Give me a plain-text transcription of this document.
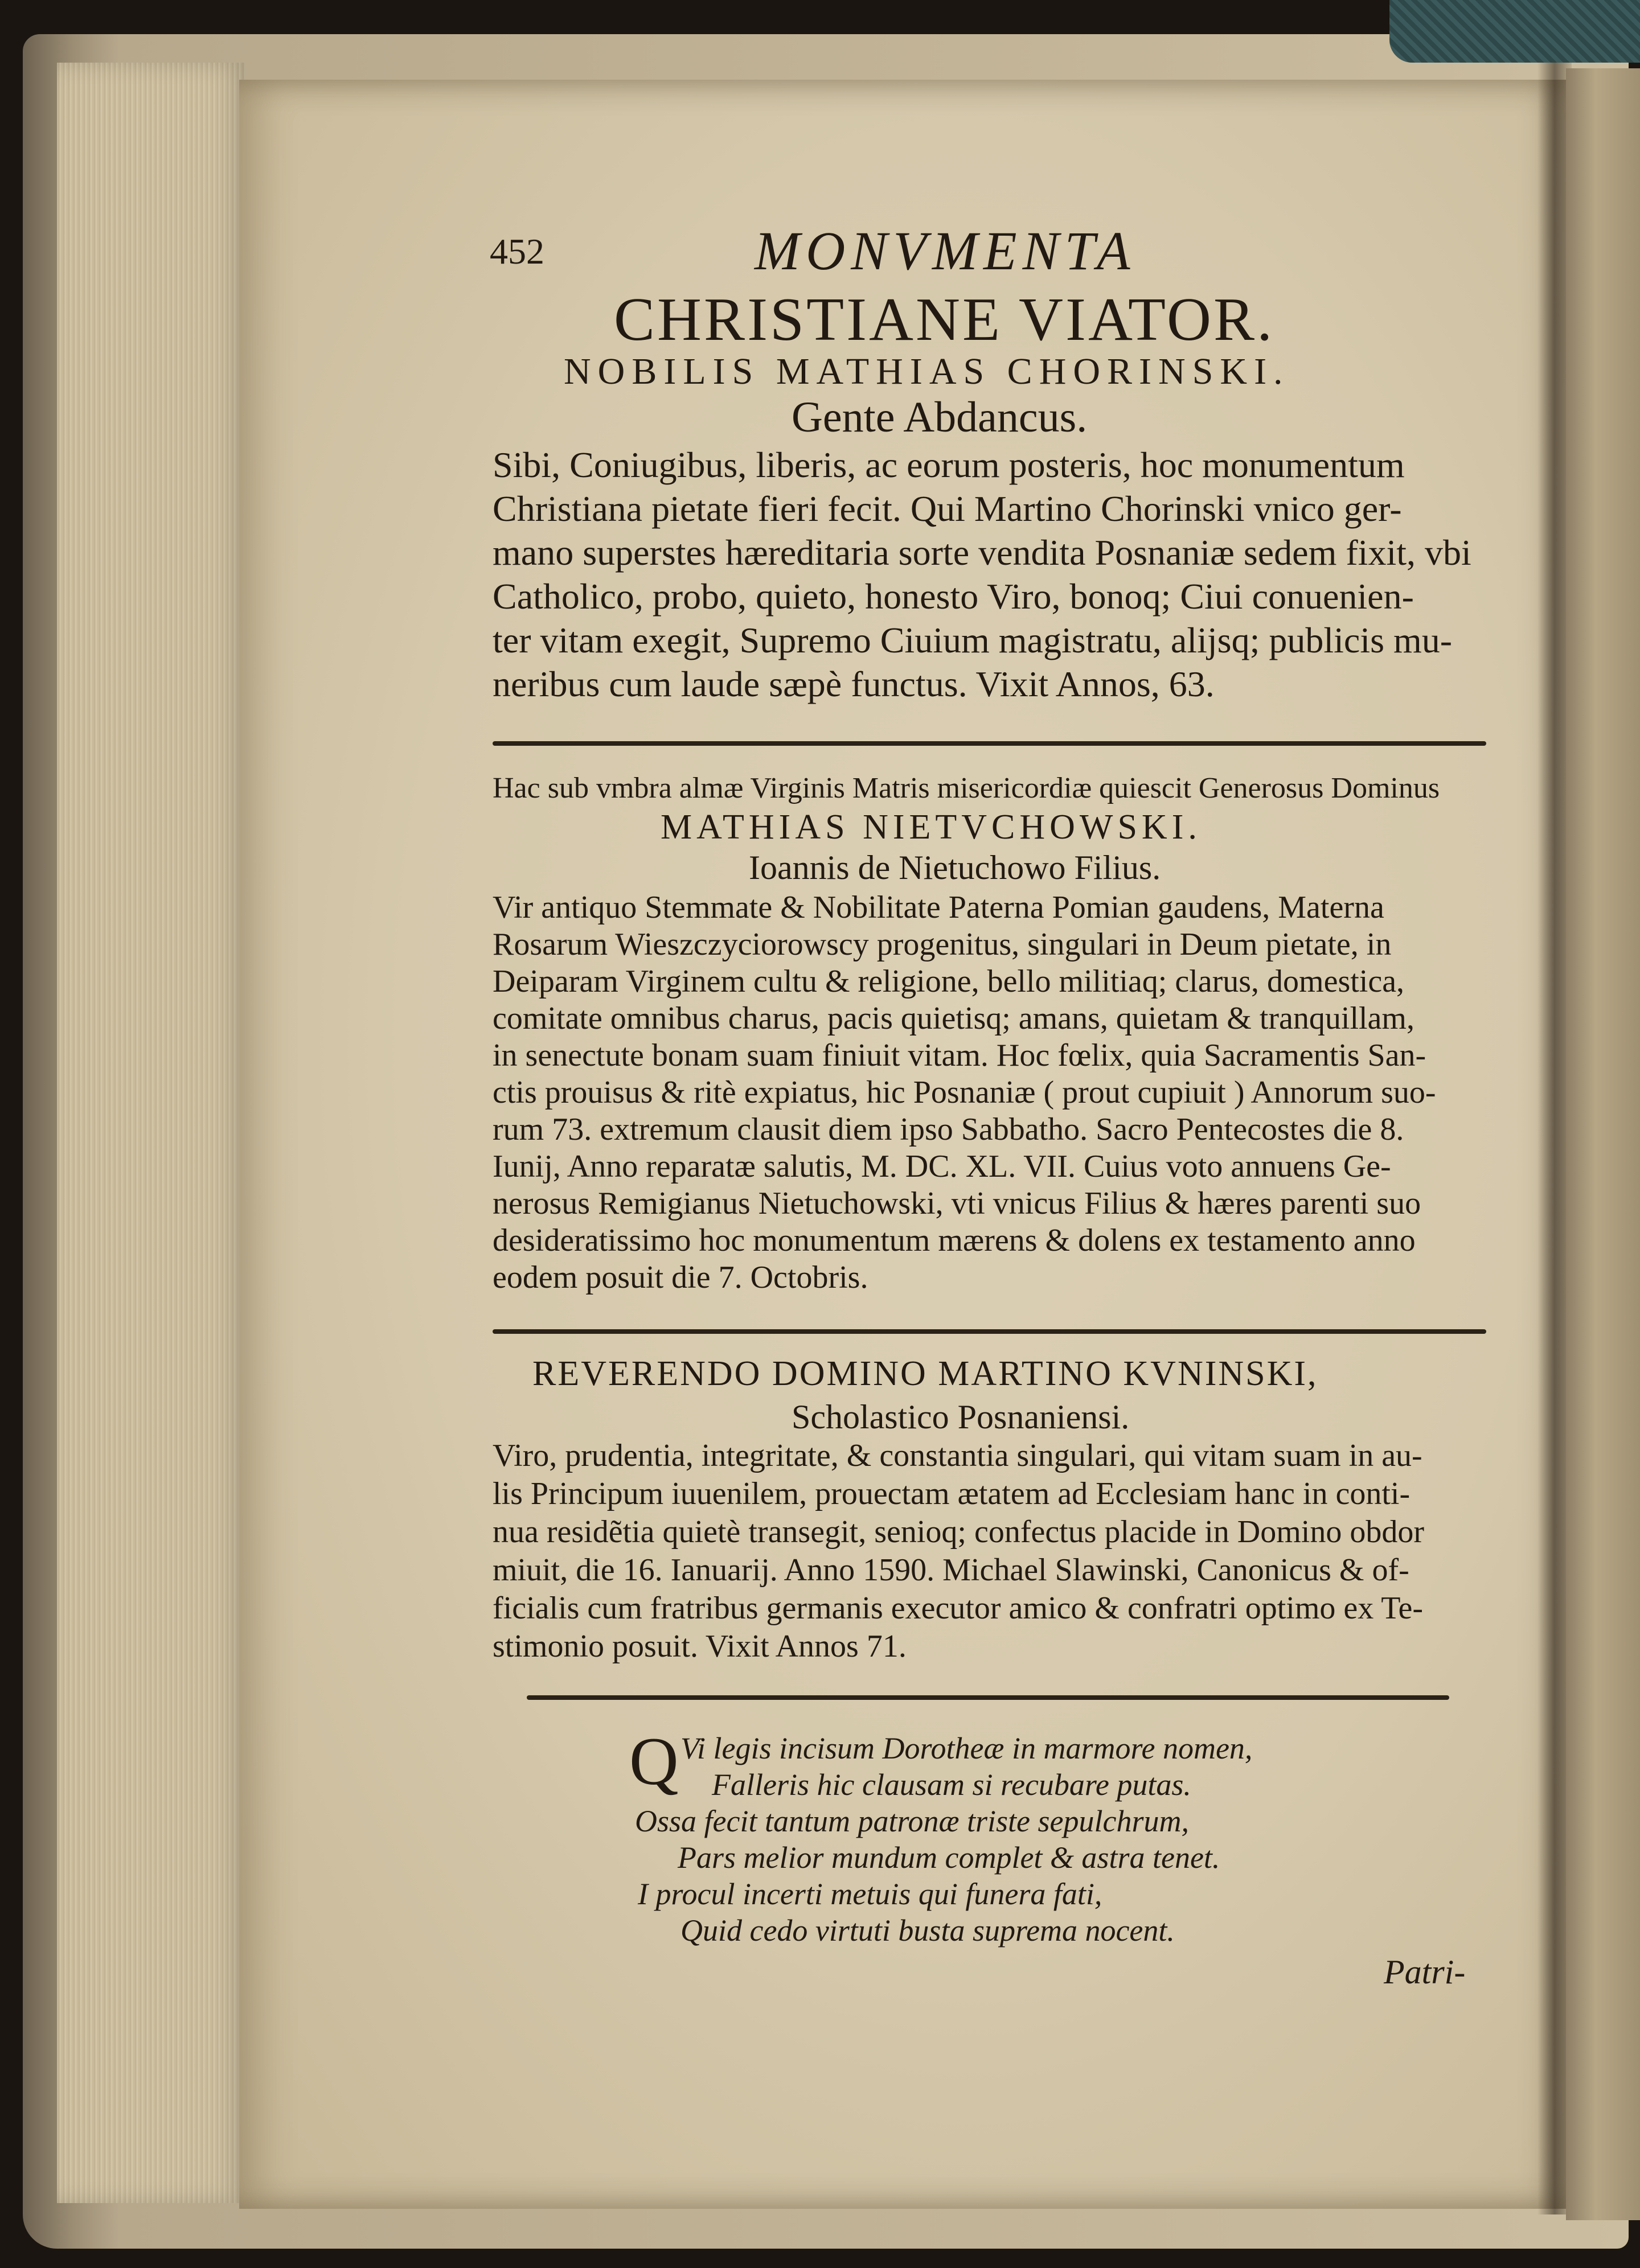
452	MONVMENTA
CHRISTIANE VIATOR.
NOBILIS MATHIAS CHORINSKI.
Gente Abdancus.
Sibi, Coniugibus, liberis, ac eorum posteris, hoc monumentum
Christiana pietate fieri fecit. Qui Martino Chorinski vnico ger-
mano superstes hæreditaria sorte vendita Posnaniæ sedem fixit, vbi
Catholico, probo, quieto, honesto Viro, bonoq; Ciui conuenien-
ter vitam exegit, Supremo Ciuium magistratu, alijsq; publicis mu-
neribus cum laude sæpè functus. Vixit Annos, 63.
Hac sub vmbra almæ Virginis Matris misericordiæ quiescit Generosus Dominus
MATHIAS NIETVCHOWSKI.
Ioannis de Nietuchowo Filius.
Vir antiquo Stemmate & Nobilitate Paterna Pomian gaudens, Materna
Rosarum Wieszczyciorowscy progenitus, singulari in Deum pietate, in
Deiparam Virginem cultu & religione, bello militiaq; clarus, domestica,
comitate omnibus charus, pacis quietisq; amans, quietam & tranquillam,
in senectute bonam suam finiuit vitam. Hoc fœlix, quia Sacramentis San-
ctis prouisus & ritè expiatus, hic Posnaniæ ( prout cupiuit ) Annorum suo-
rum 73. extremum clausit diem ipso Sabbatho. Sacro Pentecostes die 8.
Iunij, Anno reparatæ salutis, M. DC. XL. VII. Cuius voto annuens Ge-
nerosus Remigianus Nietuchowski, vti vnicus Filius & hæres parenti suo
desideratissimo hoc monumentum mærens & dolens ex testamento anno
eodem posuit die 7. Octobris.
REVERENDO DOMINO MARTINO KVNINSKI,
Scholastico Posnaniensi.
Viro, prudentia, integritate, & constantia singulari, qui vitam suam in au-
lis Principum iuuenilem, prouectam ætatem ad Ecclesiam hanc in conti-
nua residẽtia quietè transegit, senioq; confectus placide in Domino obdor
miuit, die 16. Ianuarij. Anno 1590. Michael Slawinski, Canonicus & of-
ficialis cum fratribus germanis executor amico & confratri optimo ex Te-
stimonio posuit. Vixit Annos 71.
Q Vi legis incisum Dorotheæ in marmore nomen,
Falleris hic clausam si recubare putas.
Ossa fecit tantum patronæ triste sepulchrum,
Pars melior mundum complet & astra tenet.
I procul incerti metuis qui funera fati,
Quid cedo virtuti busta suprema nocent.
Patri-
